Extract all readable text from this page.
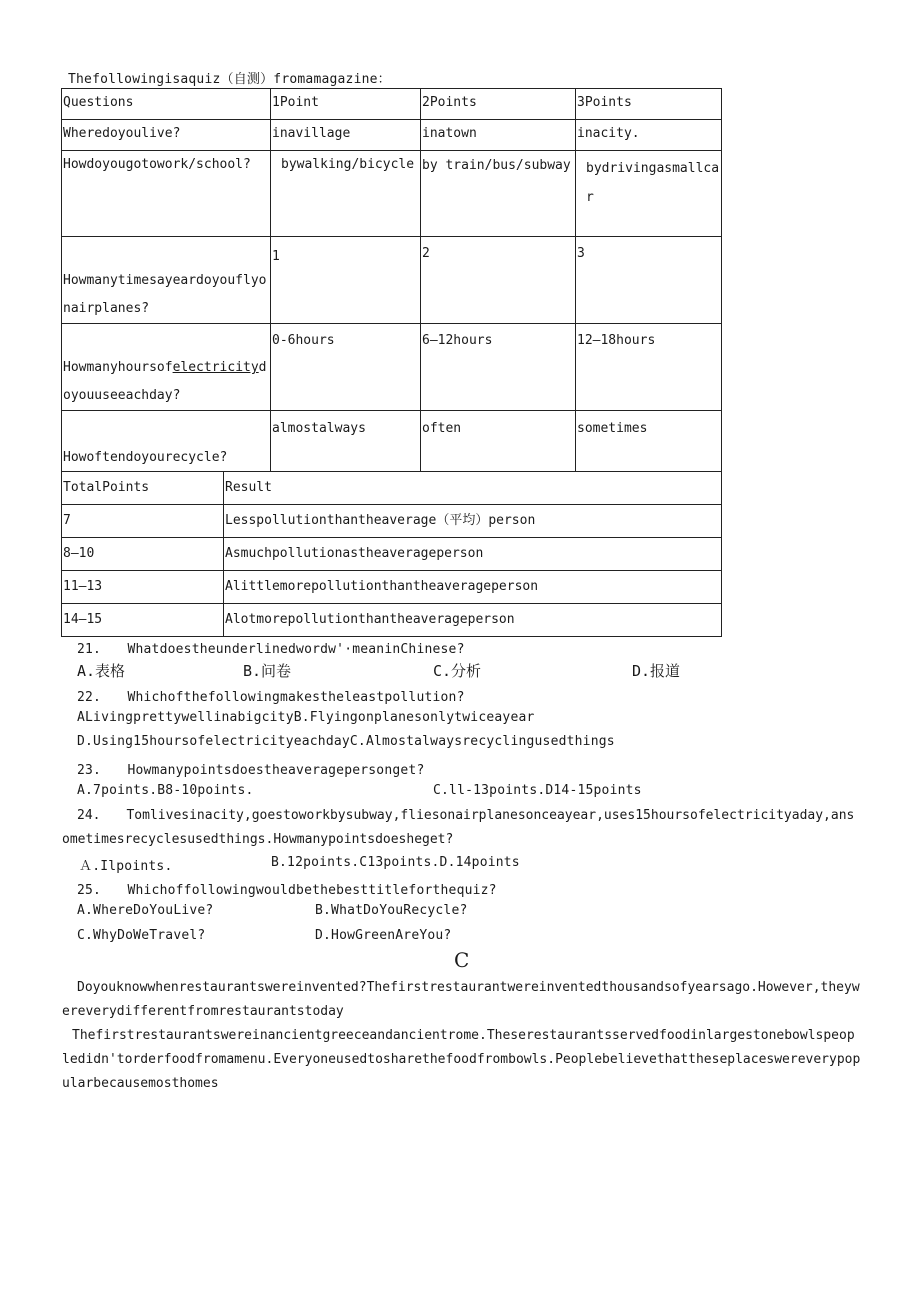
Thefollowingisaquiz（自测）fromamagazine：
Questions	1Point	2Points	3Points
Wheredoyoulive?	inavillage	inatown	inacity.
Howdoyougotowork/school?	bywalking/bicycle	by train/bus/subway	bydrivingasmallcar
Howmanytimesayeardoyouflyonairplanes?	1	2	3
Howmanyhoursofelectricitydoyouuseeachday?	0-6hours	6—12hours	12—18hours
Howoftendoyourecycle?	almostalways	often	sometimes
TotalPoints	Result
7	Lesspollutionthantheaverage（平均）person
8—10	Asmuchpollutionastheaverageperson
11—13	Alittlemorepollutionthantheaverageperson
14—15	Alotmorepollutionthantheaverageperson
21.　　Whatdoestheunderlinedwordw'·meaninChinese?
A.表格	B.问卷	C.分析	D.报道
22.　　Whichofthefollowingmakestheleastpollution?
ALivingprettywellinabigcityB.Flyingonplanesonlytwiceayear
D.Using15hoursofelectricityeachdayC.Almostalwaysrecyclingusedthings
23.　　Howmanypointsdoestheaveragepersonget?
A.7points.B8-10points.	C.ll-13points.D14-15points
24.　　Tomlivesinacity,goestoworkbysubway,fliesonairplanesonceayear,uses15hoursofelectricityaday,ansometimesrecyclesusedthings.Howmanypointsdoesheget?
Ａ.Ilpoints.	B.12points.C13points.D.14points
25.　　Whichoffollowingwouldbethebesttitleforthequiz?
A.WhereDoYouLive?	B.WhatDoYouRecycle?
C.WhyDoWeTravel?	D.HowGreenAreYou?
C
Doyouknowwhenrestaurantswereinvented?Thefirstrestaurantwereinventedthousandsofyearsago.However,theywereverydifferentfromrestaurantstoday
Thefirstrestaurantswereinancientgreeceandancientrome.Theserestaurantsservedfoodinlargestonebowlspeopledidn'torderfoodfromamenu.Everyoneusedtosharethefoodfrombowls.Peoplebelievethattheseplaceswereverypopularbecausemosthomes
